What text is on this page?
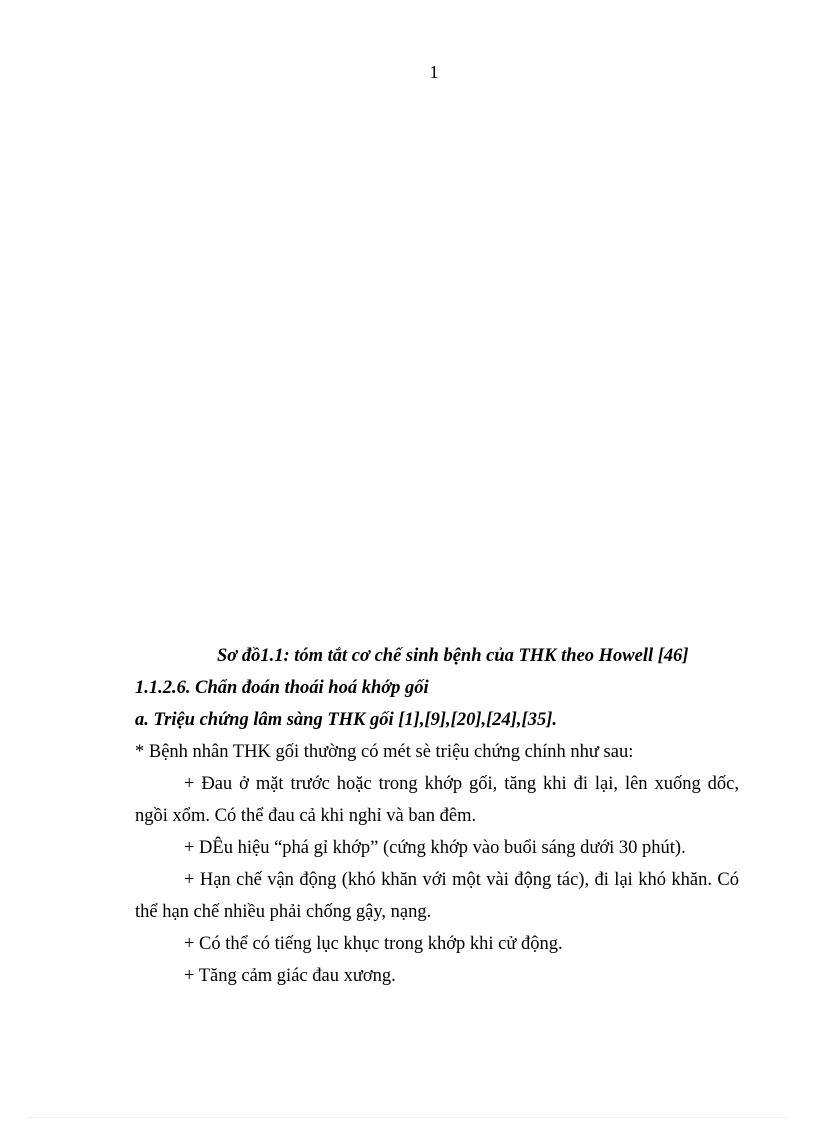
1
Sơ đồ1.1: tóm tắt cơ chế sinh bệnh của THK theo Howell [46]
1.1.2.6. Chẩn đoán thoái hoá khớp gối
a. Triệu chứng lâm sàng THK gối [1],[9],[20],[24],[35].
* Bệnh nhân THK gối thường có mét sè triệu chứng chính như sau:
+ Đau ở mặt trước hoặc trong khớp gối, tăng khi đi lại, lên xuống dốc,
ngồi xổm. Có thể đau cả khi nghỉ và ban đêm.
+ DÊu hiệu “phá gỉ khớp” (cứng khớp vào buổi sáng dưới 30 phút).
+ Hạn chế vận động (khó khăn với một vài động tác), đi lại khó khăn. Có
thể hạn chế nhiều phải chống gậy, nạng.
+ Có thể có tiếng lục khục trong khớp khi cử động.
+ Tăng cảm giác đau xương.
